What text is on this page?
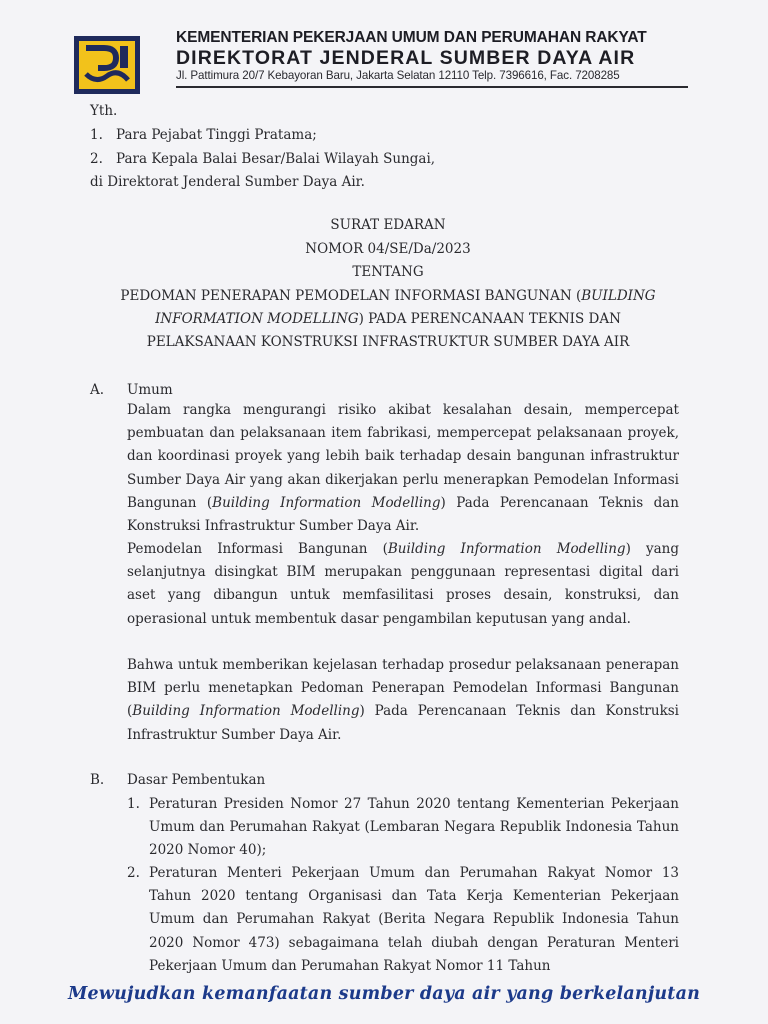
KEMENTERIAN PEKERJAAN UMUM DAN PERUMAHAN RAKYAT
DIREKTORAT JENDERAL SUMBER DAYA AIR
Jl. Pattimura 20/7 Kebayoran Baru, Jakarta Selatan 12110 Telp. 7396616, Fac. 7208285
Yth.
1. Para Pejabat Tinggi Pratama;
2. Para Kepala Balai Besar/Balai Wilayah Sungai,
di Direktorat Jenderal Sumber Daya Air.
SURAT EDARAN
NOMOR 04/SE/Da/2023
TENTANG
PEDOMAN PENERAPAN PEMODELAN INFORMASI BANGUNAN (BUILDING
INFORMATION MODELLING) PADA PERENCANAAN TEKNIS DAN
PELAKSANAAN KONSTRUKSI INFRASTRUKTUR SUMBER DAYA AIR
A. Umum

Dalam rangka mengurangi risiko akibat kesalahan desain, mempercepat pembuatan dan pelaksanaan item fabrikasi, mempercepat pelaksanaan proyek, dan koordinasi proyek yang lebih baik terhadap desain bangunan infrastruktur Sumber Daya Air yang akan dikerjakan perlu menerapkan Pemodelan Informasi Bangunan (Building Information Modelling) Pada Perencanaan Teknis dan Konstruksi Infrastruktur Sumber Daya Air.

Pemodelan Informasi Bangunan (Building Information Modelling) yang selanjutnya disingkat BIM merupakan penggunaan representasi digital dari aset yang dibangun untuk memfasilitasi proses desain, konstruksi, dan operasional untuk membentuk dasar pengambilan keputusan yang andal.

Bahwa untuk memberikan kejelasan terhadap prosedur pelaksanaan penerapan BIM perlu menetapkan Pedoman Penerapan Pemodelan Informasi Bangunan (Building Information Modelling) Pada Perencanaan Teknis dan Konstruksi Infrastruktur Sumber Daya Air.

B. Dasar Pembentukan
1. Peraturan Presiden Nomor 27 Tahun 2020 tentang Kementerian Pekerjaan Umum dan Perumahan Rakyat (Lembaran Negara Republik Indonesia Tahun 2020 Nomor 40);
2. Peraturan Menteri Pekerjaan Umum dan Perumahan Rakyat Nomor 13 Tahun 2020 tentang Organisasi dan Tata Kerja Kementerian Pekerjaan Umum dan Perumahan Rakyat (Berita Negara Republik Indonesia Tahun 2020 Nomor 473) sebagaimana telah diubah dengan Peraturan Menteri Pekerjaan Umum dan Perumahan Rakyat Nomor 11 Tahun
Mewujudkan kemanfaatan sumber daya air yang berkelanjutan
